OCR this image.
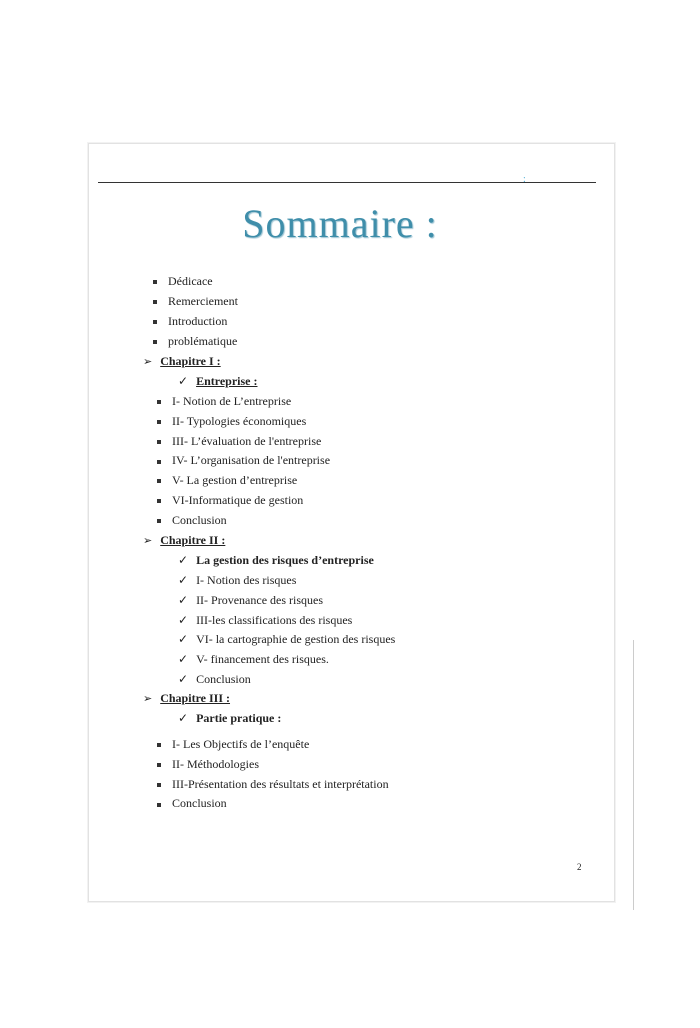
:
Sommaire :
Dédicace
Remerciement
Introduction
problématique
➢ Chapitre I :
✓ Entreprise :
I- Notion de L’entreprise
II- Typologies économiques
III- L’évaluation de l'entreprise
IV- L’organisation de l'entreprise
V- La gestion d’entreprise
VI-Informatique de gestion
Conclusion
➢ Chapitre II :
✓ La gestion des risques d’entreprise
✓ I- Notion des risques
✓ II- Provenance des risques
✓ III-les classifications des risques
✓ VI- la cartographie de gestion des risques
✓ V- financement des risques.
✓ Conclusion
➢ Chapitre III :
✓ Partie pratique :
I- Les Objectifs de l’enquête
II- Méthodologies
III-Présentation des résultats et interprétation
Conclusion
2
